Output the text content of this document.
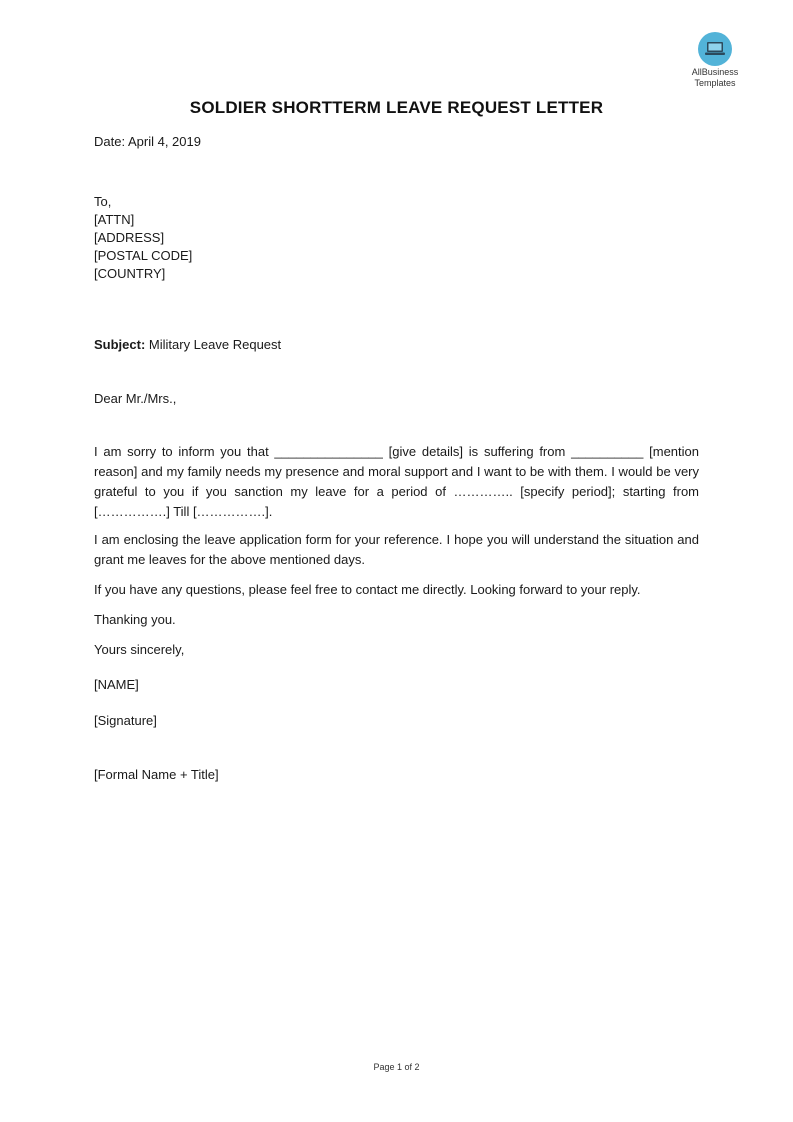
AllBusiness
Templates
SOLDIER SHORTTERM LEAVE REQUEST LETTER
Date: April 4, 2019
To,
[ATTN]
[ADDRESS]
[POSTAL CODE]
[COUNTRY]
Subject: Military Leave Request
Dear Mr./Mrs.,
I am sorry to inform you that _______________ [give details] is suffering from __________ [mention reason] and my family needs my presence and moral support and I want to be with them. I would be very grateful to you if you sanction my leave for a period of ………….. [specify period]; starting from […………….] Till […………….].
I am enclosing the leave application form for your reference. I hope you will understand the situation and grant me leaves for the above mentioned days.
If you have any questions, please feel free to contact me directly. Looking forward to your reply.
Thanking you.
Yours sincerely,
[NAME]
[Signature]
[Formal Name + Title]
Page 1 of 2
